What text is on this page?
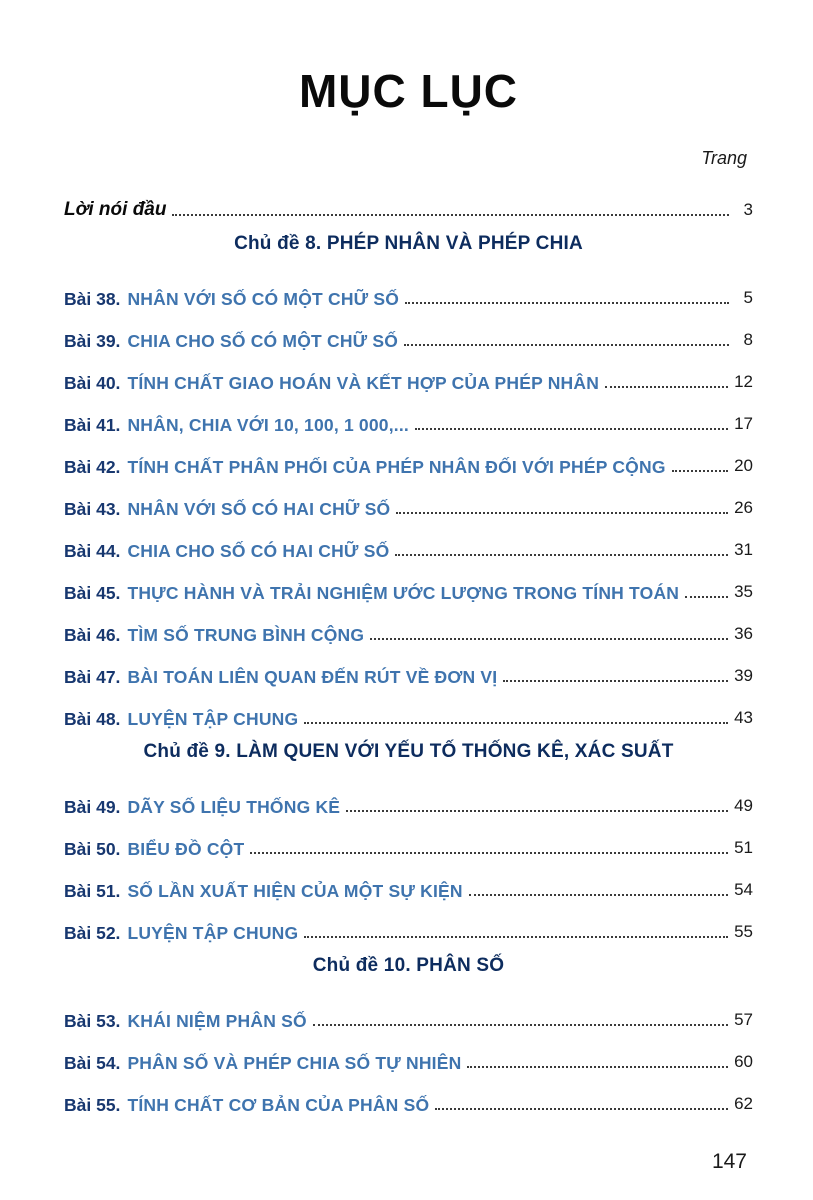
MỤC LỤC
Trang
Lời nói đầu	3
Chủ đề 8. PHÉP NHÂN VÀ PHÉP CHIA
Bài 38. NHÂN VỚI SỐ CÓ MỘT CHỮ SỐ	5
Bài 39. CHIA CHO SỐ CÓ MỘT CHỮ SỐ	8
Bài 40. TÍNH CHẤT GIAO HOÁN VÀ KẾT HỢP CỦA PHÉP NHÂN	12
Bài 41. NHÂN, CHIA VỚI 10, 100, 1 000,...	17
Bài 42. TÍNH CHẤT PHÂN PHỐI CỦA PHÉP NHÂN ĐỐI VỚI PHÉP CỘNG	20
Bài 43. NHÂN VỚI SỐ CÓ HAI CHỮ SỐ	26
Bài 44. CHIA CHO SỐ CÓ HAI CHỮ SỐ	31
Bài 45. THỰC HÀNH VÀ TRẢI NGHIỆM ƯỚC LƯỢNG TRONG TÍNH TOÁN	35
Bài 46. TÌM SỐ TRUNG BÌNH CỘNG	36
Bài 47. BÀI TOÁN LIÊN QUAN ĐẾN RÚT VỀ ĐƠN VỊ	39
Bài 48. LUYỆN TẬP CHUNG	43
Chủ đề 9. LÀM QUEN VỚI YẾU TỐ THỐNG KÊ, XÁC SUẤT
Bài 49. DÃY SỐ LIỆU THỐNG KÊ	49
Bài 50. BIỂU ĐỒ CỘT	51
Bài 51. SỐ LẦN XUẤT HIỆN CỦA MỘT SỰ KIỆN	54
Bài 52. LUYỆN TẬP CHUNG	55
Chủ đề 10. PHÂN SỐ
Bài 53. KHÁI NIỆM PHÂN SỐ	57
Bài 54. PHÂN SỐ VÀ PHÉP CHIA SỐ TỰ NHIÊN	60
Bài 55. TÍNH CHẤT CƠ BẢN CỦA PHÂN SỐ	62
147
